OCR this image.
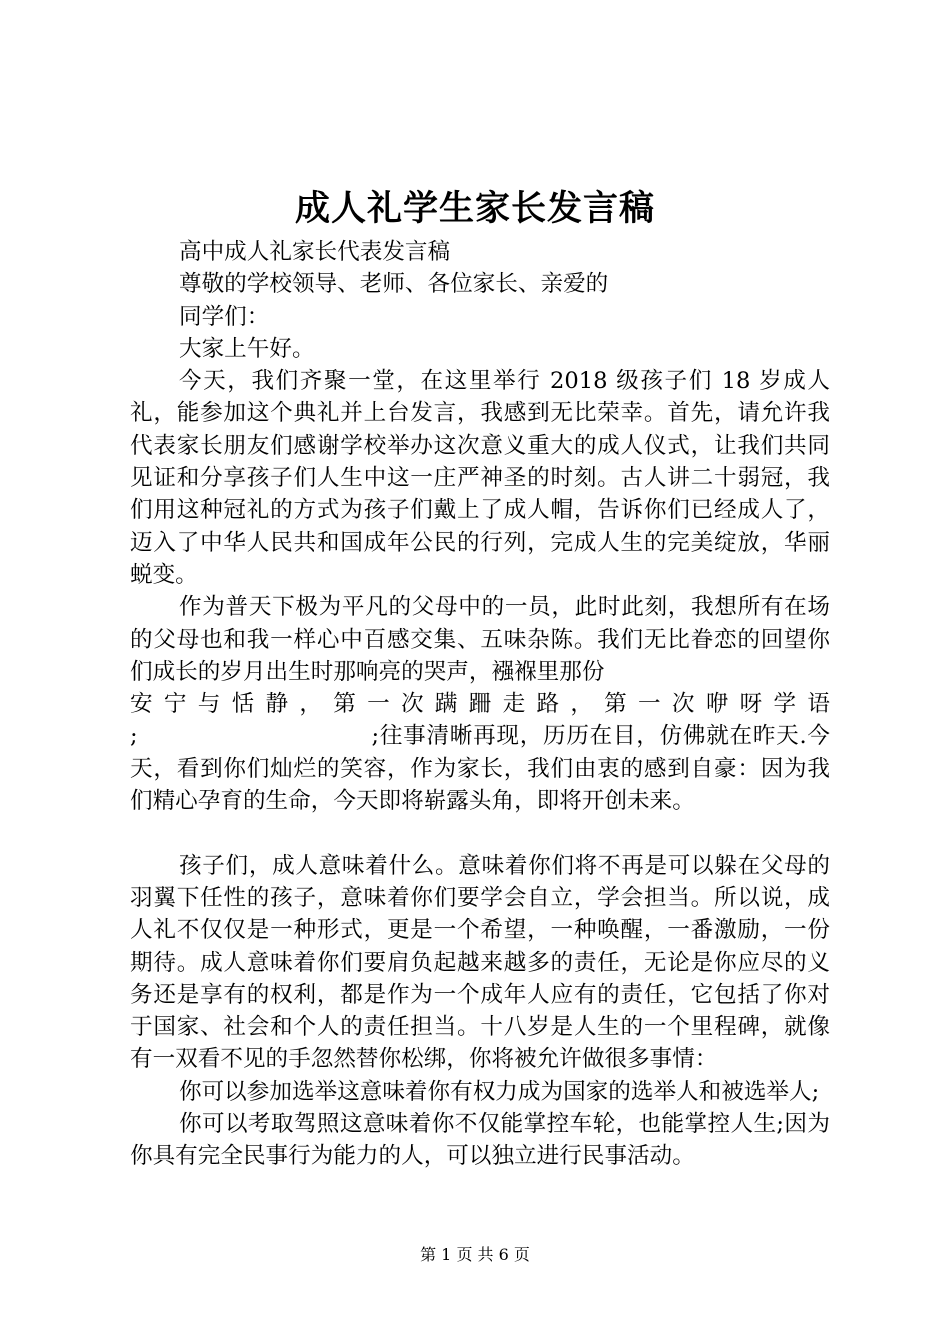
成人礼学生家长发言稿

高中成人礼家长代表发言稿

尊敬的学校领导、老师、各位家长、亲爱的

同学们：

大家上午好。

今天，我们齐聚一堂，在这里举行 2018 级孩子们 18 岁成人礼，能参加这个典礼并上台发言，我感到无比荣幸。首先，请允许我代表家长朋友们感谢学校举办这次意义重大的成人仪式，让我们共同见证和分享孩子们人生中这一庄严神圣的时刻。古人讲二十弱冠，我们用这种冠礼的方式为孩子们戴上了成人帽，告诉你们已经成人了，迈入了中华人民共和国成年公民的行列，完成人生的完美绽放，华丽蜕变。

作为普天下极为平凡的父母中的一员，此时此刻，我想所有在场的父母也和我一样心中百感交集、五味杂陈。我们无比眷恋的回望你们成长的岁月出生时那响亮的哭声，襁褓里那份

安宁与恬静，第一次蹒跚走路，第一次咿呀学语

;　　　　　　　　　　;往事清晰再现，历历在目，仿佛就在昨天.今天，看到你们灿烂的笑容，作为家长，我们由衷的感到自豪：因为我们精心孕育的生命，今天即将崭露头角，即将开创未来。

孩子们，成人意味着什么。意味着你们将不再是可以躲在父母的羽翼下任性的孩子，意味着你们要学会自立，学会担当。所以说，成人礼不仅仅是一种形式，更是一个希望，一种唤醒，一番激励，一份期待。成人意味着你们要肩负起越来越多的责任，无论是你应尽的义务还是享有的权利，都是作为一个成年人应有的责任，它包括了你对于国家、社会和个人的责任担当。十八岁是人生的一个里程碑，就像有一双看不见的手忽然替你松绑，你将被允许做很多事情：

你可以参加选举这意味着你有权力成为国家的选举人和被选举人;

你可以考取驾照这意味着你不仅能掌控车轮，也能掌控人生;因为你具有完全民事行为能力的人，可以独立进行民事活动。

第 1 页 共 6 页
